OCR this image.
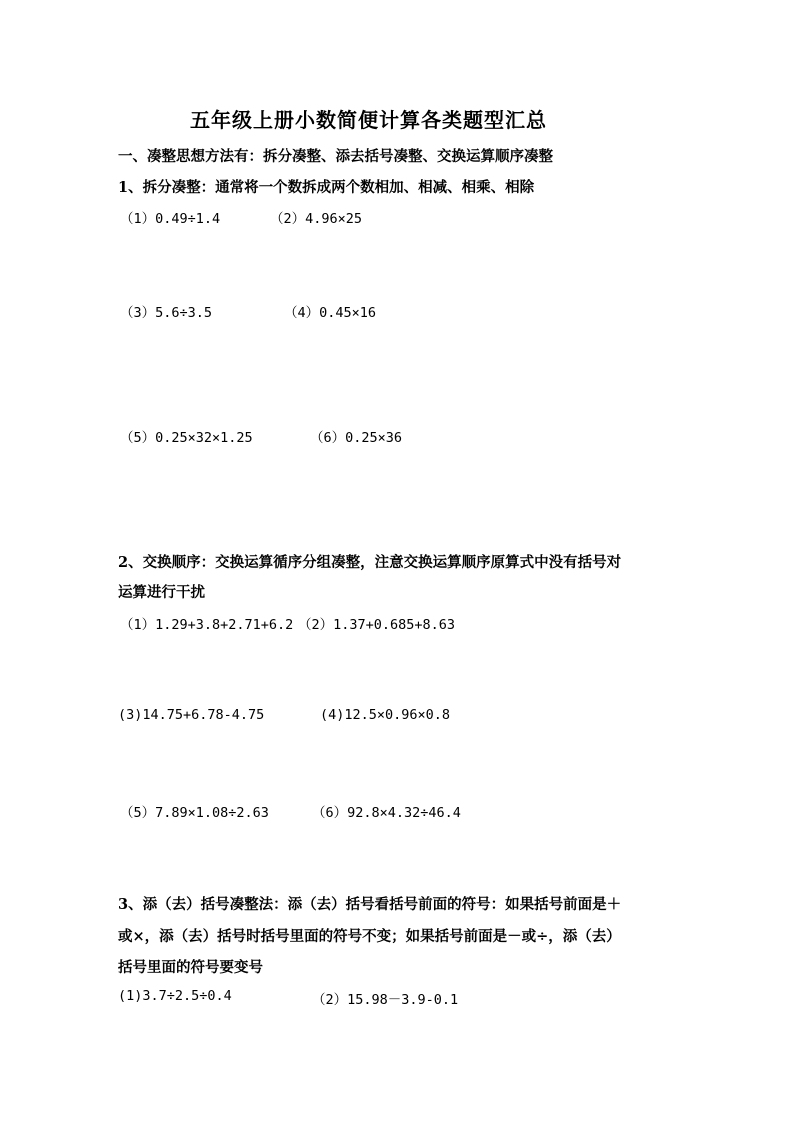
五年级上册小数简便计算各类题型汇总
一、凑整思想方法有：拆分凑整、添去括号凑整、交换运算顺序凑整
1、拆分凑整：通常将一个数拆成两个数相加、相减、相乘、相除
（1）0.49÷1.4	（2）4.96×25
（3）5.6÷3.5	（4）0.45×16
（5）0.25×32×1.25	（6）0.25×36
2、交换顺序：交换运算循序分组凑整，注意交换运算顺序原算式中没有括号对
运算进行干扰
（1）1.29+3.8+2.71+6.2 （2）1.37+0.685+8.63
(3)14.75+6.78-4.75	(4)12.5×0.96×0.8
（5）7.89×1.08÷2.63	（6）92.8×4.32÷46.4
3、添（去）括号凑整法：添（去）括号看括号前面的符号：如果括号前面是＋
或×，添（去）括号时括号里面的符号不变；如果括号前面是－或÷，添（去）
括号里面的符号要变号
(1)3.7÷2.5÷0.4	（2）15.98－3.9-0.1
